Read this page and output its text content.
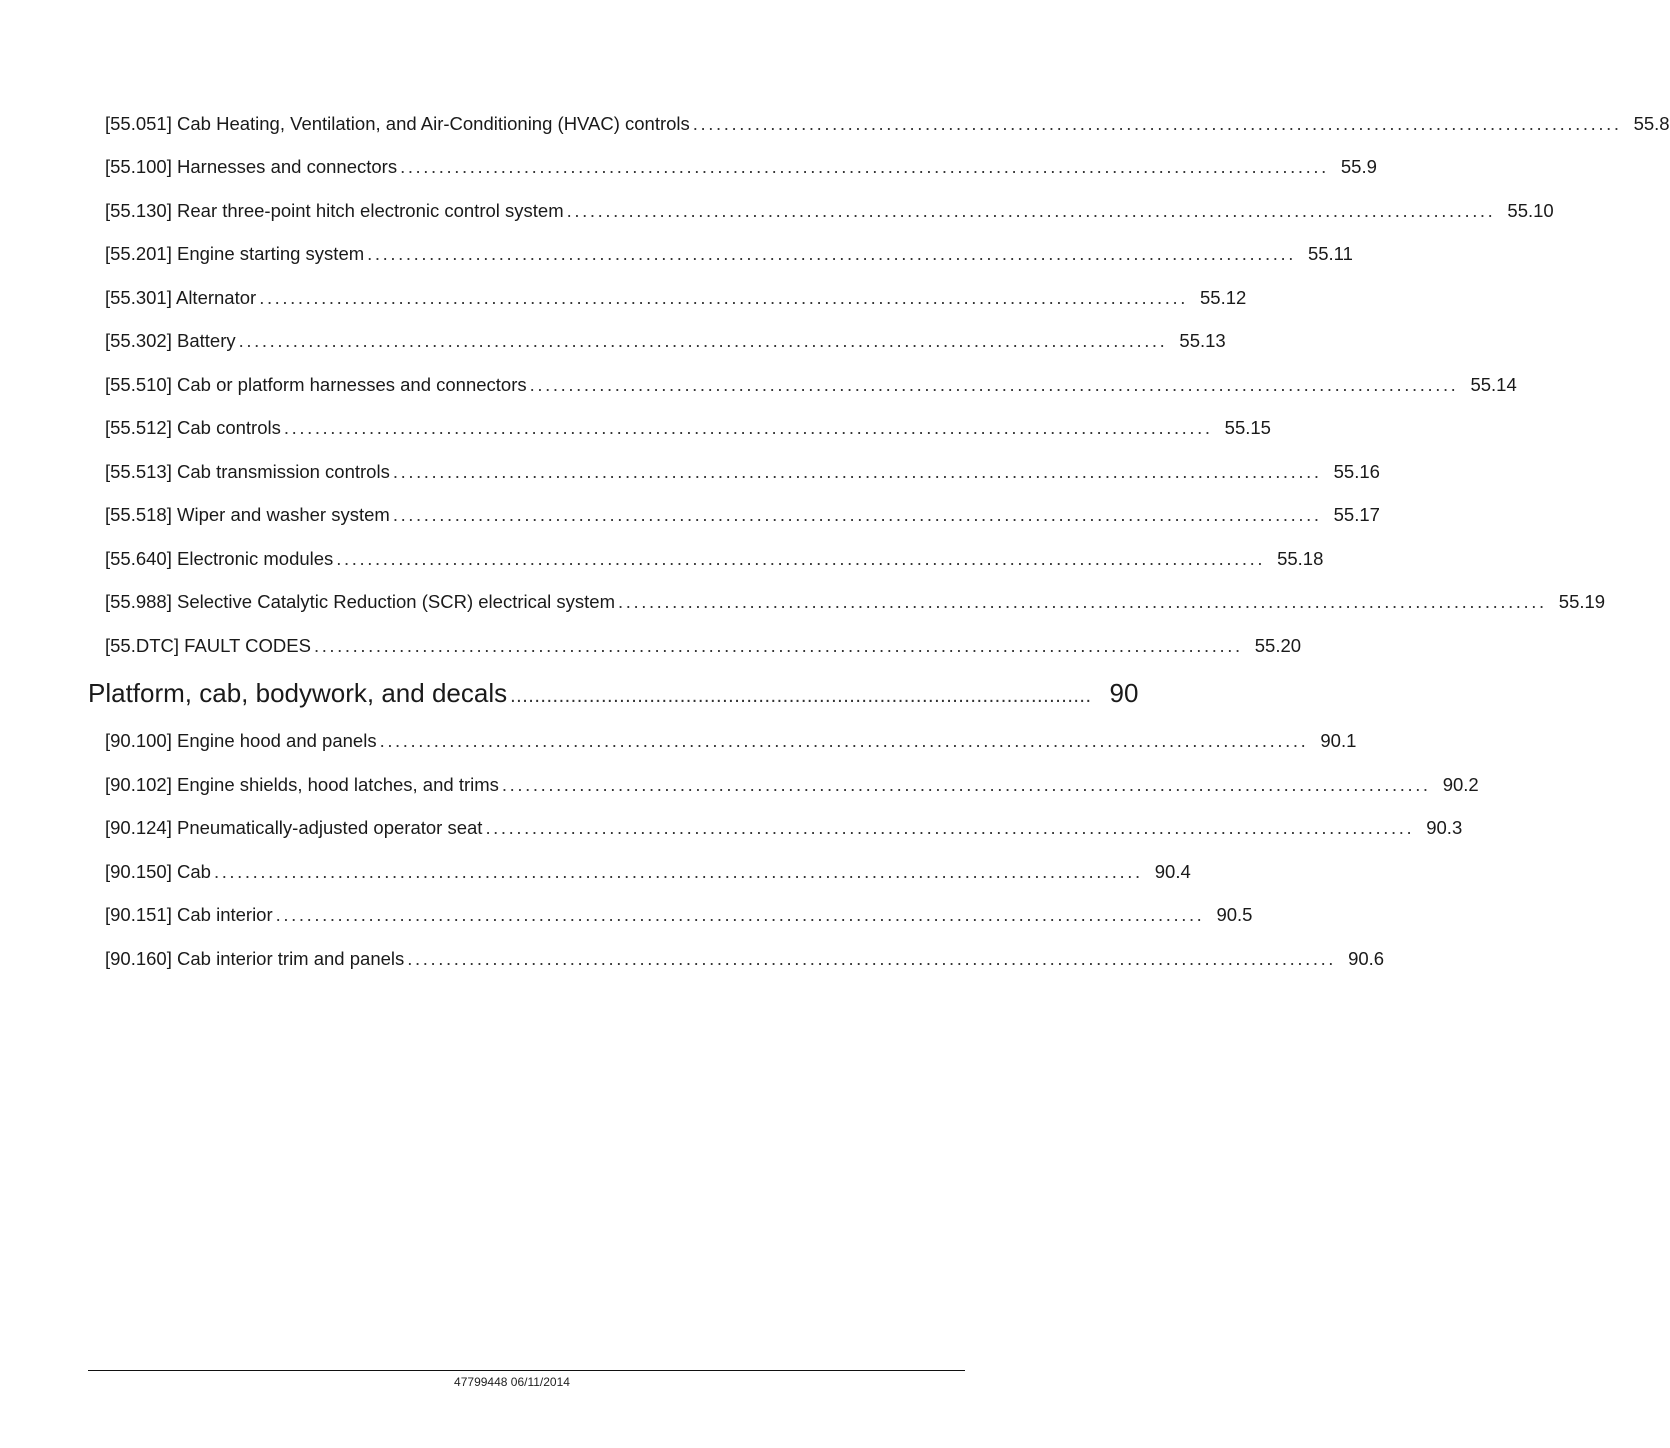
[55.051] Cab Heating, Ventilation, and Air-Conditioning (HVAC) controls ........................................................................................................................ 55.8
[55.100] Harnesses and connectors ........................................................................................................................ 55.9
[55.130] Rear three-point hitch electronic control system ........................................................................................................................ 55.10
[55.201] Engine starting system ........................................................................................................................ 55.11
[55.301] Alternator ........................................................................................................................ 55.12
[55.302] Battery ........................................................................................................................ 55.13
[55.510] Cab or platform harnesses and connectors ........................................................................................................................ 55.14
[55.512] Cab controls ........................................................................................................................ 55.15
[55.513] Cab transmission controls ........................................................................................................................ 55.16
[55.518] Wiper and washer system ........................................................................................................................ 55.17
[55.640] Electronic modules ........................................................................................................................ 55.18
[55.988] Selective Catalytic Reduction (SCR) electrical system ........................................................................................................................ 55.19
[55.DTC] FAULT CODES ........................................................................................................................ 55.20
Platform, cab, bodywork, and decals ................................................................................................ 90
[90.100] Engine hood and panels ........................................................................................................................ 90.1
[90.102] Engine shields, hood latches, and trims ........................................................................................................................ 90.2
[90.124] Pneumatically-adjusted operator seat ........................................................................................................................ 90.3
[90.150] Cab ........................................................................................................................ 90.4
[90.151] Cab interior ........................................................................................................................ 90.5
[90.160] Cab interior trim and panels ........................................................................................................................ 90.6
47799448 06/11/2014
